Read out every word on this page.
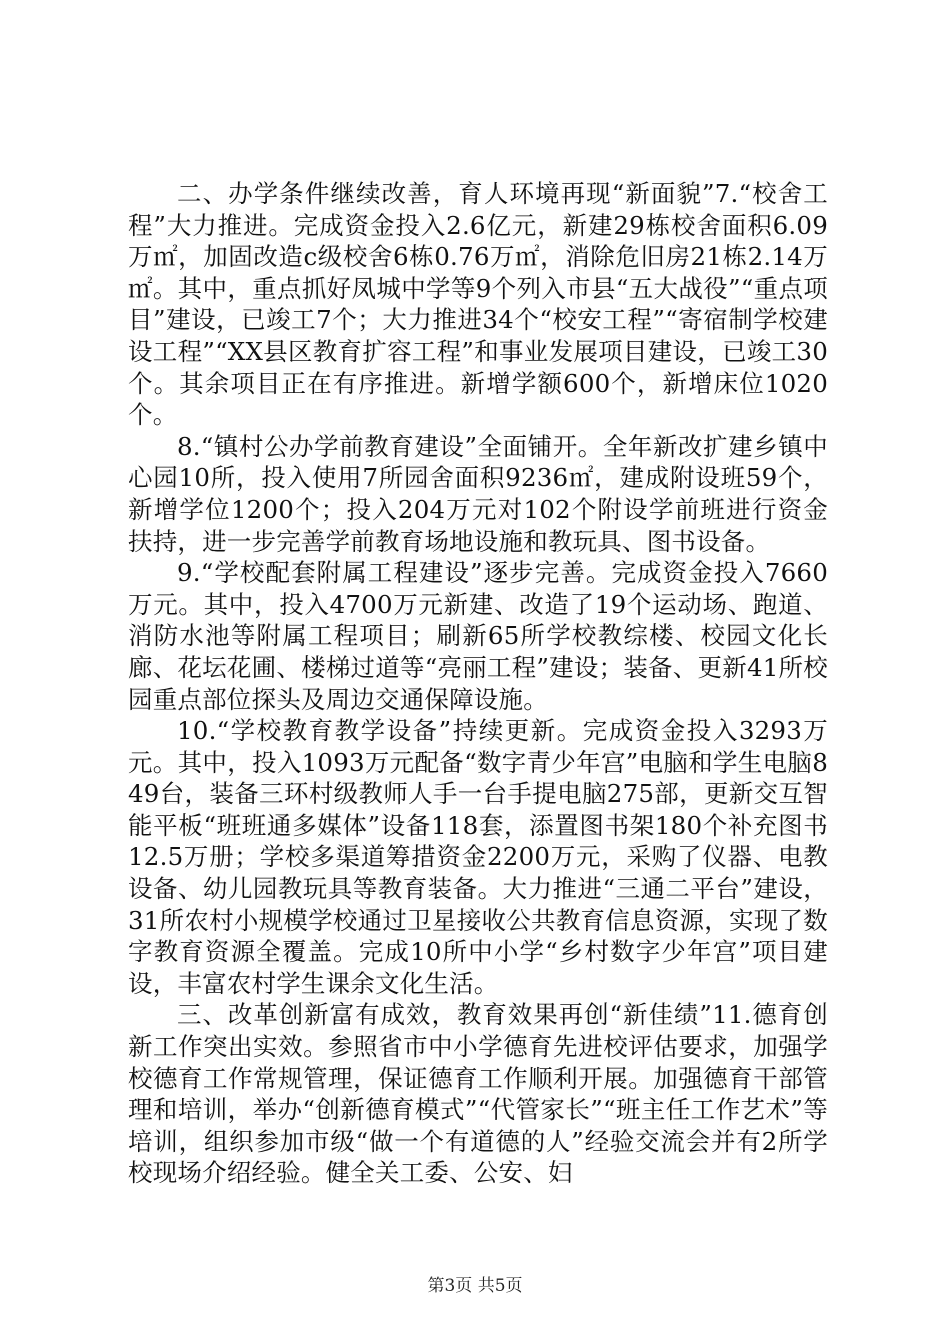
二、办学条件继续改善，育人环境再现“新面貌”7.“校舍工程”大力推进。完成资金投入2.6亿元，新建29栋校舍面积6.09万㎡，加固改造c级校舍6栋0.76万㎡，消除危旧房21栋2.14万㎡。其中，重点抓好凤城中学等9个列入市县“五大战役”“重点项目”建设，已竣工7个；大力推进34个“校安工程”“寄宿制学校建设工程”“XX县区教育扩容工程”和事业发展项目建设，已竣工30个。其余项目正在有序推进。新增学额600个，新增床位1020个。

8.“镇村公办学前教育建设”全面铺开。全年新改扩建乡镇中心园10所，投入使用7所园舍面积9236㎡，建成附设班59个，新增学位1200个；投入204万元对102个附设学前班进行资金扶持，进一步完善学前教育场地设施和教玩具、图书设备。

9.“学校配套附属工程建设”逐步完善。完成资金投入7660万元。其中，投入4700万元新建、改造了19个运动场、跑道、消防水池等附属工程项目；刷新65所学校教综楼、校园文化长廊、花坛花圃、楼梯过道等“亮丽工程”建设；装备、更新41所校园重点部位探头及周边交通保障设施。

10.“学校教育教学设备”持续更新。完成资金投入3293万元。其中，投入1093万元配备“数字青少年宫”电脑和学生电脑849台，装备三环村级教师人手一台手提电脑275部，更新交互智能平板“班班通多媒体”设备118套，添置图书架180个补充图书12.5万册；学校多渠道筹措资金2200万元，采购了仪器、电教设备、幼儿园教玩具等教育装备。大力推进“三通二平台”建设，31所农村小规模学校通过卫星接收公共教育信息资源，实现了数字教育资源全覆盖。完成10所中小学“乡村数字少年宫”项目建设，丰富农村学生课余文化生活。

三、改革创新富有成效，教育效果再创“新佳绩”11.德育创新工作突出实效。参照省市中小学德育先进校评估要求，加强学校德育工作常规管理，保证德育工作顺利开展。加强德育干部管理和培训，举办“创新德育模式”“代管家长”“班主任工作艺术”等培训，组织参加市级“做一个有道德的人”经验交流会并有2所学校现场介绍经验。健全关工委、公安、妇

第3页 共5页
